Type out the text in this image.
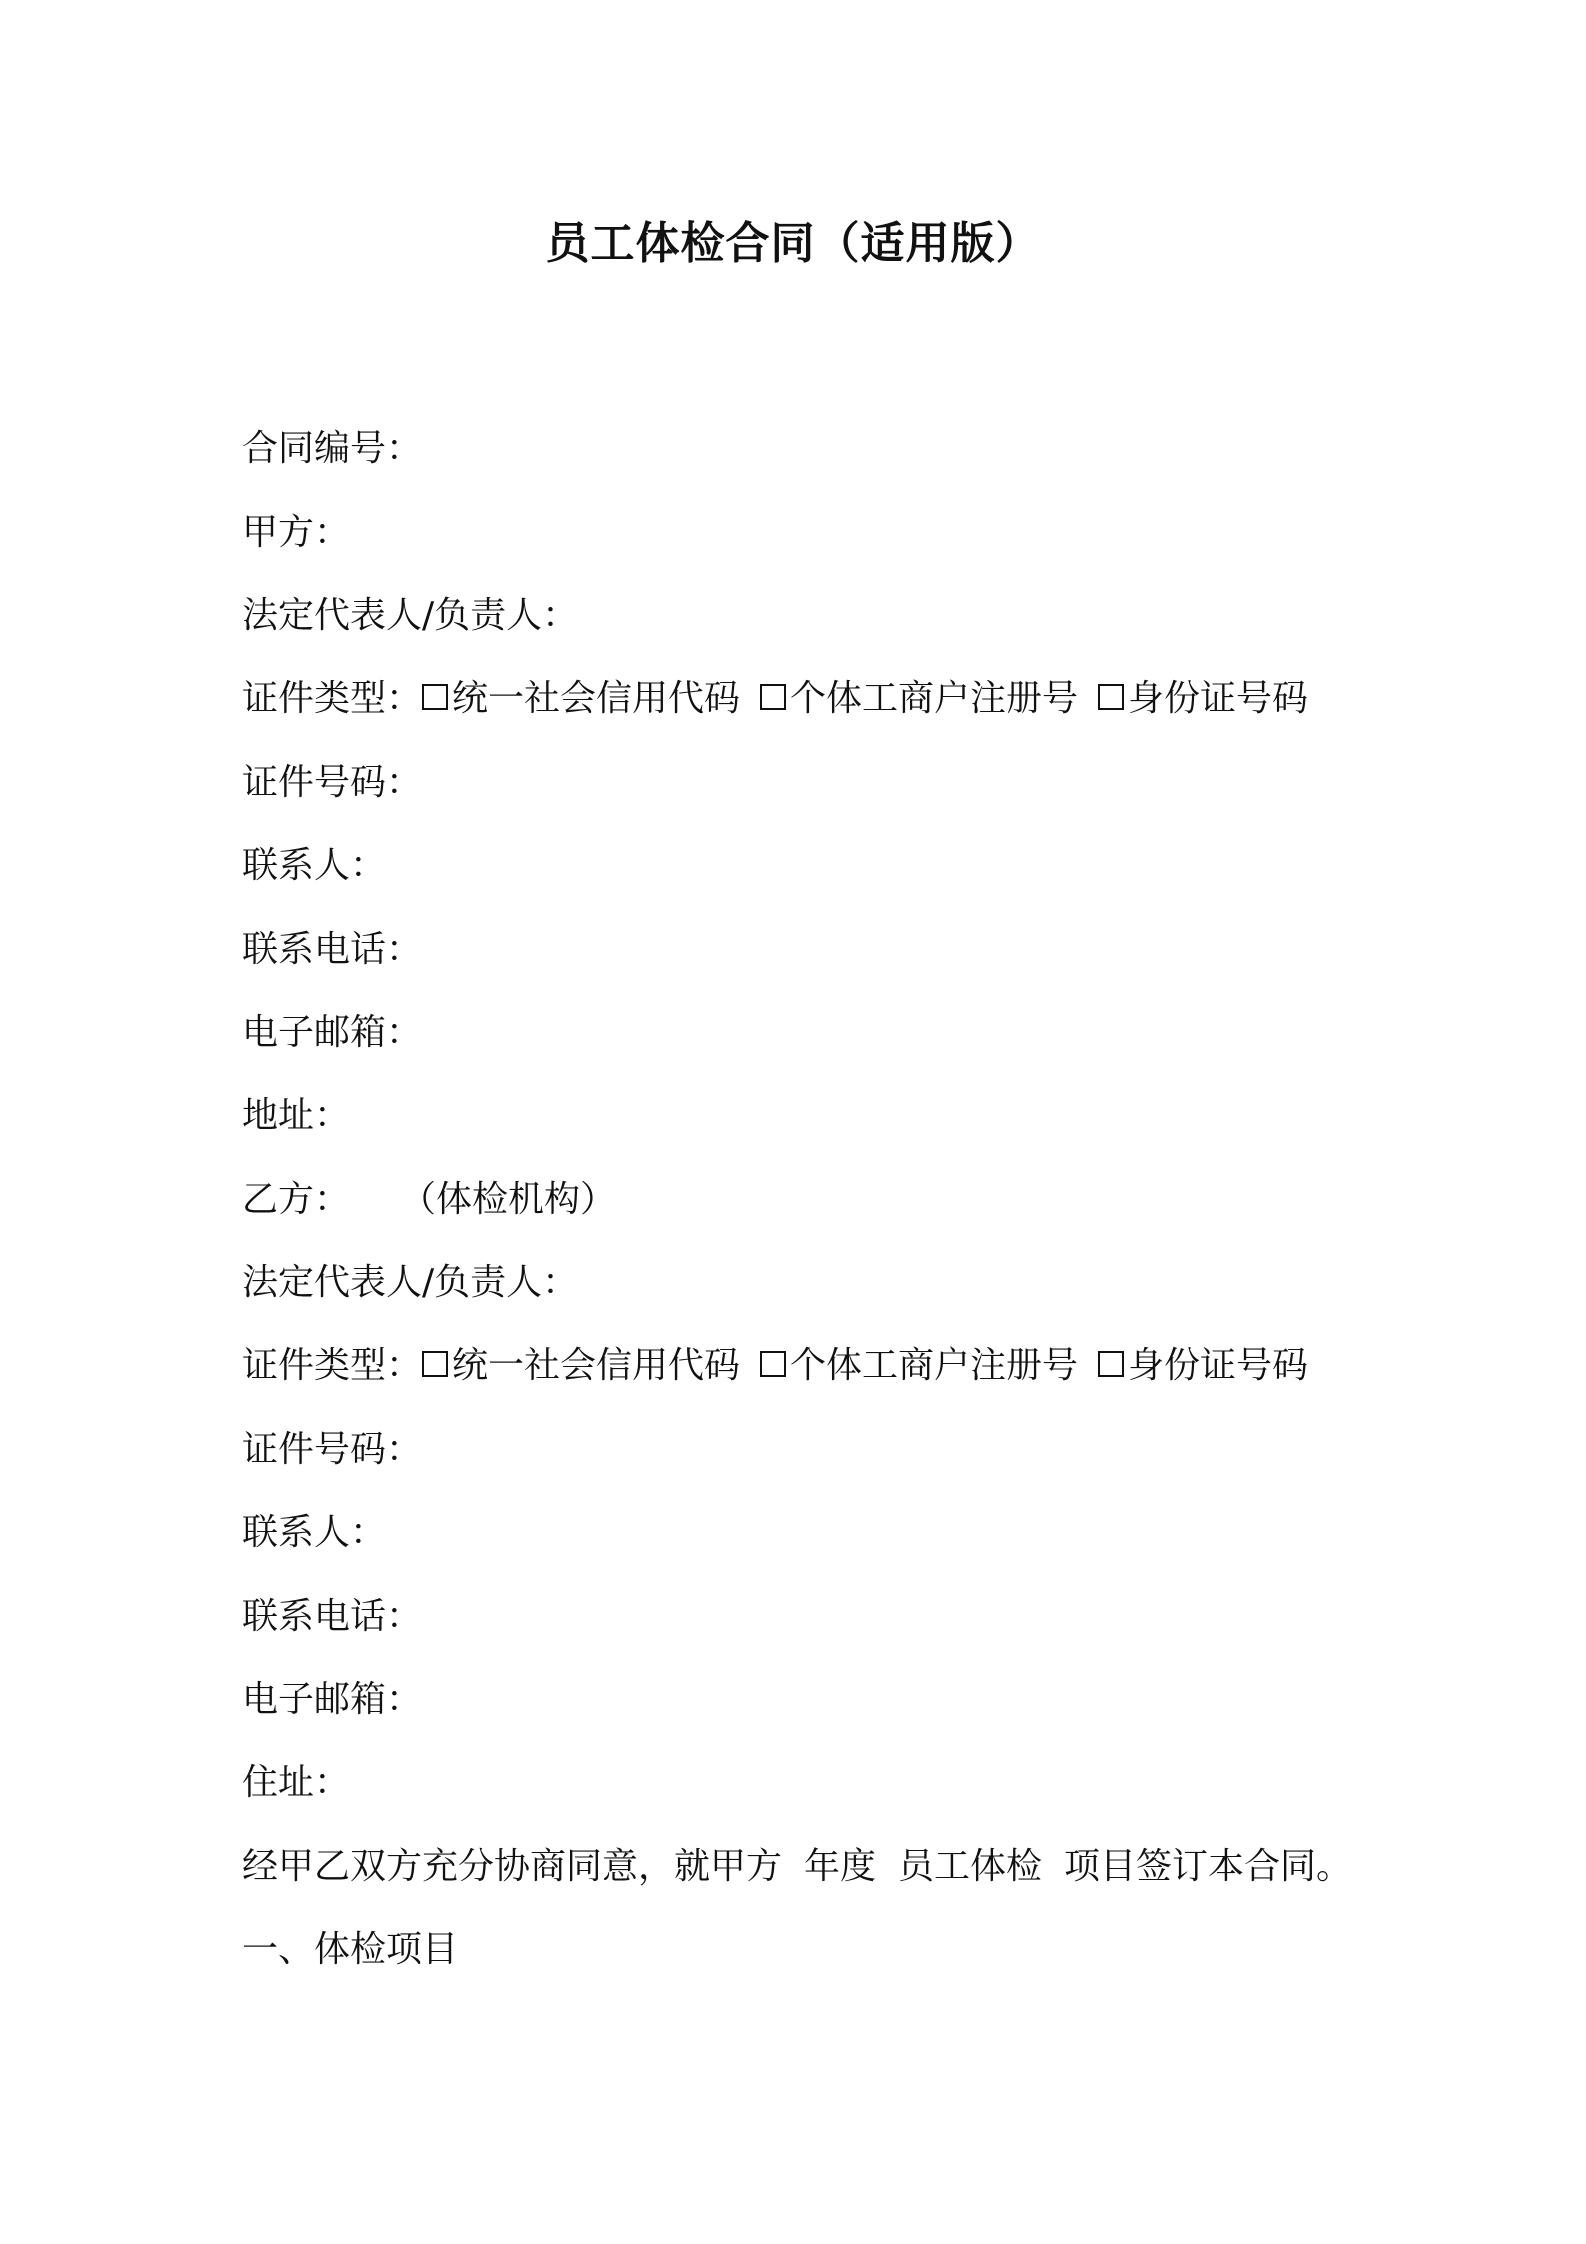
员工体检合同（适用版）
合同编号：
甲方：
法定代表人/负责人：
证件类型： 统一社会信用代码 个体工商户注册号 身份证号码
证件号码：
联系人：
联系电话：
电子邮箱：
地址：
乙方： （体检机构）
法定代表人/负责人：
证件类型： 统一社会信用代码 个体工商户注册号 身份证号码
证件号码：
联系人：
联系电话：
电子邮箱：
住址：
经甲乙双方充分协商同意，就甲方 年度 员工体检 项目签订本合同。
一、体检项目
